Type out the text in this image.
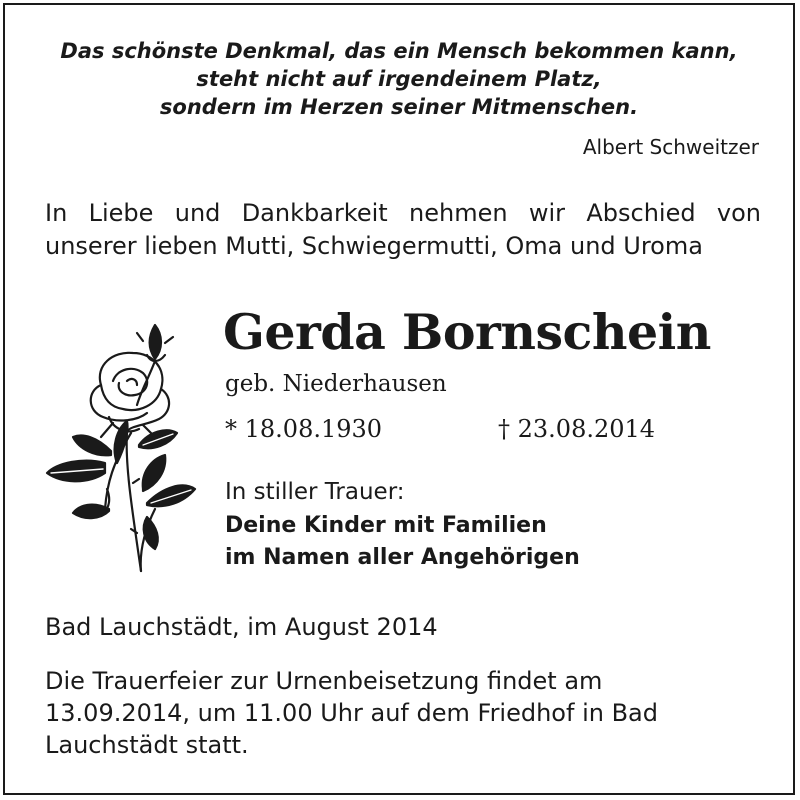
Das schönste Denkmal, das ein Mensch bekommen kann,
steht nicht auf irgendeinem Platz,
sondern im Herzen seiner Mitmenschen.
Albert Schweitzer
In Liebe und Dankbarkeit nehmen wir Abschied von unserer lieben Mutti, Schwiegermutti, Oma und Uroma
Gerda Bornschein
geb. Niederhausen
* 18.08.1930	† 23.08.2014
In stiller Trauer:
Deine Kinder mit Familien
im Namen aller Angehörigen
Bad Lauchstädt, im August 2014
Die Trauerfeier zur Urnenbeisetzung findet am 13.09.2014, um 11.00 Uhr auf dem Friedhof in Bad Lauchstädt statt.
